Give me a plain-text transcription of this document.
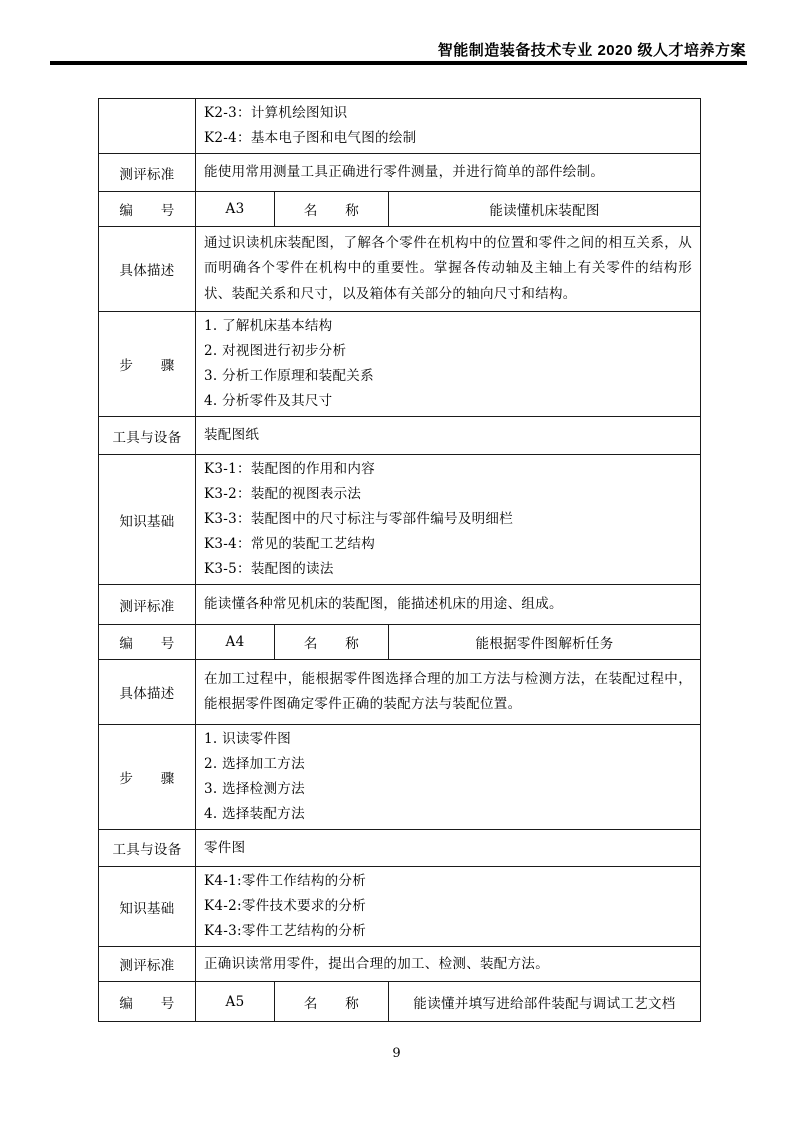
智能制造装备技术专业 2020 级人才培养方案

	K2-3：计算机绘图知识
K2-4：基本电子图和电气图的绘制		

测评标准	能使用常用测量工具正确进行零件测量，并进行简单的部件绘制。		

编　　号	A3	名　　称	能读懂机床装配图
具体描述	通过识读机床装配图，了解各个零件在机构中的位置和零件之间的相互关系，从而明确各个零件在机构中的重要性。掌握各传动轴及主轴上有关零件的结构形状、装配关系和尺寸，以及箱体有关部分的轴向尺寸和结构。		

步　　骤	1. 了解机床基本结构
2. 对视图进行初步分析
3. 分析工作原理和装配关系
4. 分析零件及其尺寸		

工具与设备	装配图纸		

知识基础	K3-1：装配图的作用和内容
K3-2：装配的视图表示法
K3-3：装配图中的尺寸标注与零部件编号及明细栏
K3-4：常见的装配工艺结构
K3-5：装配图的读法		

测评标准	能读懂各种常见机床的装配图，能描述机床的用途、组成。		

编　　号	A4	名　　称	能根据零件图解析任务
具体描述	在加工过程中，能根据零件图选择合理的加工方法与检测方法，在装配过程中，能根据零件图确定零件正确的装配方法与装配位置。		

步　　骤	1. 识读零件图
2. 选择加工方法
3. 选择检测方法
4. 选择装配方法		

工具与设备	零件图		

知识基础	K4-1:零件工作结构的分析
K4-2:零件技术要求的分析
K4-3:零件工艺结构的分析		

测评标准	正确识读常用零件，提出合理的加工、检测、装配方法。		

编　　号	A5	名　　称	能读懂并填写进给部件装配与调试工艺文档
9
